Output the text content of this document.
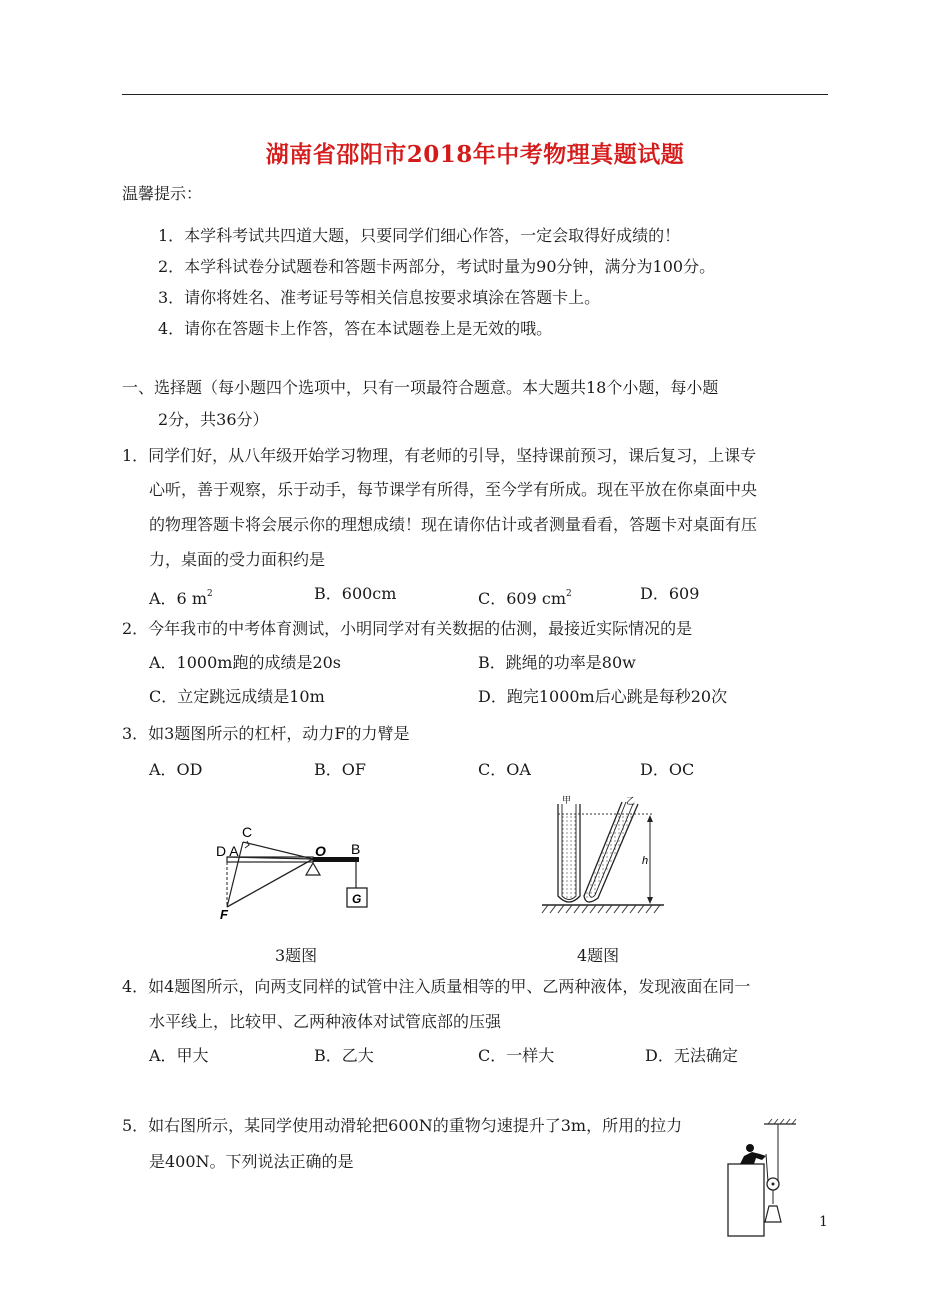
湖南省邵阳市2018年中考物理真题试题
温馨提示：
1．本学科考试共四道大题，只要同学们细心作答，一定会取得好成绩的！
2．本学科试卷分试题卷和答题卡两部分，考试时量为90分钟，满分为100分。
3．请你将姓名、准考证号等相关信息按要求填涂在答题卡上。
4．请你在答题卡上作答，答在本试题卷上是无效的哦。
一、选择题（每小题四个选项中，只有一项最符合题意。本大题共18个小题，每小题
2分，共36分）
1．同学们好，从八年级开始学习物理，有老师的引导，坚持课前预习，课后复习，上课专
心听，善于观察，乐于动手，每节课学有所得，至今学有所成。现在平放在你桌面中央
的物理答题卡将会展示你的理想成绩！现在请你估计或者测量看看，答题卡对桌面有压
力，桌面的受力面积约是
A．6 $m^2$	B．600cm	C．609 $cm^2$	D．609
2．今年我市的中考体育测试，小明同学对有关数据的估测，最接近实际情况的是
A．1000m跑的成绩是20s	B．跳绳的功率是80w
C．立定跳远成绩是10m	D．跑完1000m后心跳是每秒20次
3．如3题图所示的杠杆，动力F的力臂是
A．OD	B．OF	C．OA	D．OC
C
D A	O B
F
G
3题图
甲	乙
h
4题图
4．如4题图所示，向两支同样的试管中注入质量相等的甲、乙两种液体，发现液面在同一
水平线上，比较甲、乙两种液体对试管底部的压强
A．甲大	B．乙大	C．一样大	D．无法确定
5．如右图所示，某同学使用动滑轮把600N的重物匀速提升了3m，所用的拉力
是400N。下列说法正确的是
1
